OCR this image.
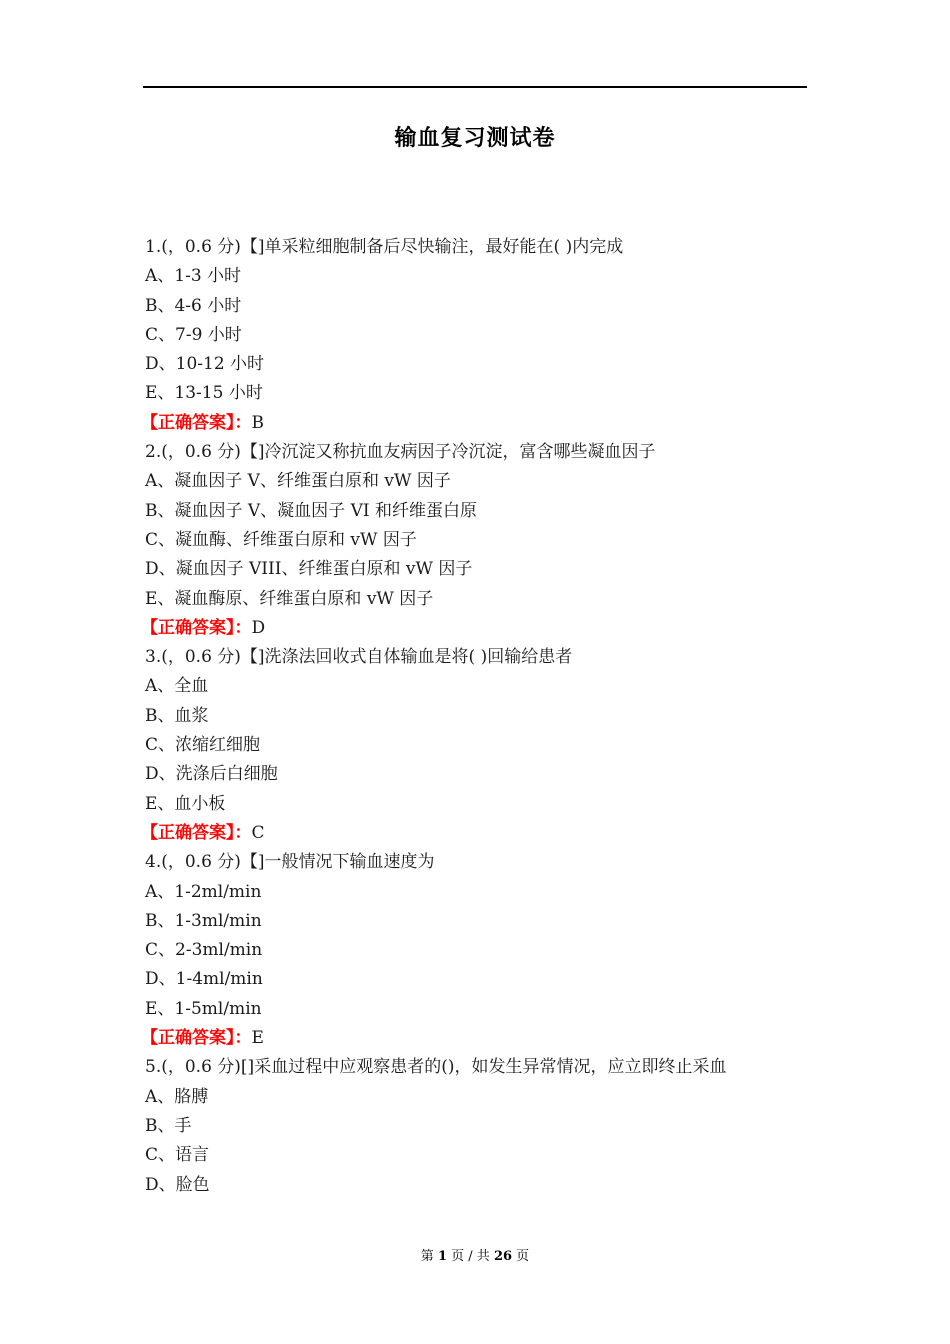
输血复习测试卷
1.(，0.6 分)【]单采粒细胞制备后尽快输注，最好能在( )内完成
A、1-3 小时
B、4-6 小时
C、7-9 小时
D、10-12 小时
E、13-15 小时
【正确答案】：B
2.(，0.6 分)【]冷沉淀又称抗血友病因子冷沉淀，富含哪些凝血因子
A、凝血因子 V、纤维蛋白原和 vW 因子
B、凝血因子 V、凝血因子 VI 和纤维蛋白原
C、凝血酶、纤维蛋白原和 vW 因子
D、凝血因子 VIII、纤维蛋白原和 vW 因子
E、凝血酶原、纤维蛋白原和 vW 因子
【正确答案】：D
3.(，0.6 分)【]洗涤法回收式自体输血是将( )回输给患者
A、全血
B、血浆
C、浓缩红细胞
D、洗涤后白细胞
E、血小板
【正确答案】：C
4.(，0.6 分)【]一般情况下输血速度为
A、1-2ml/min
B、1-3ml/min
C、2-3ml/min
D、1-4ml/min
E、1-5ml/min
【正确答案】：E
5.(，0.6 分)[]采血过程中应观察患者的()，如发生异常情况，应立即终止采血
A、胳膊
B、手
C、语言
D、脸色
第 1 页 / 共 26 页
